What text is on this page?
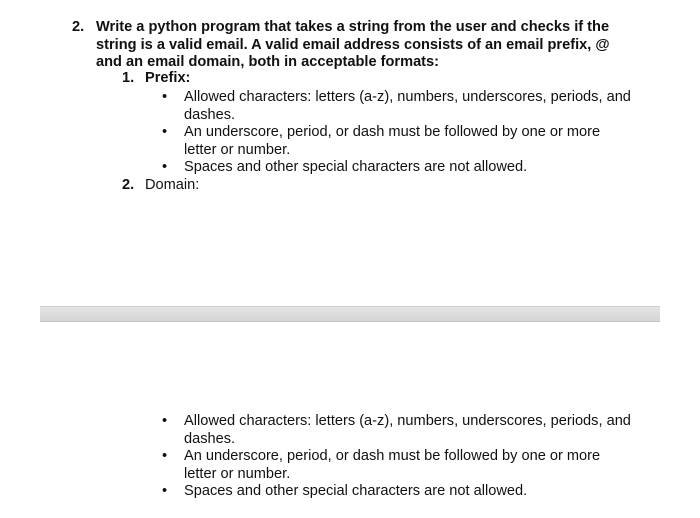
2. Write a python program that takes a string from the user and checks if the string is a valid email. A valid email address consists of an email prefix, @ and an email domain, both in acceptable formats:
1. Prefix:
• Allowed characters: letters (a-z), numbers, underscores, periods, and dashes.
• An underscore, period, or dash must be followed by one or more letter or number.
• Spaces and other special characters are not allowed.
2. Domain:
• Allowed characters: letters (a-z), numbers, underscores, periods, and dashes.
• An underscore, period, or dash must be followed by one or more letter or number.
• Spaces and other special characters are not allowed.
